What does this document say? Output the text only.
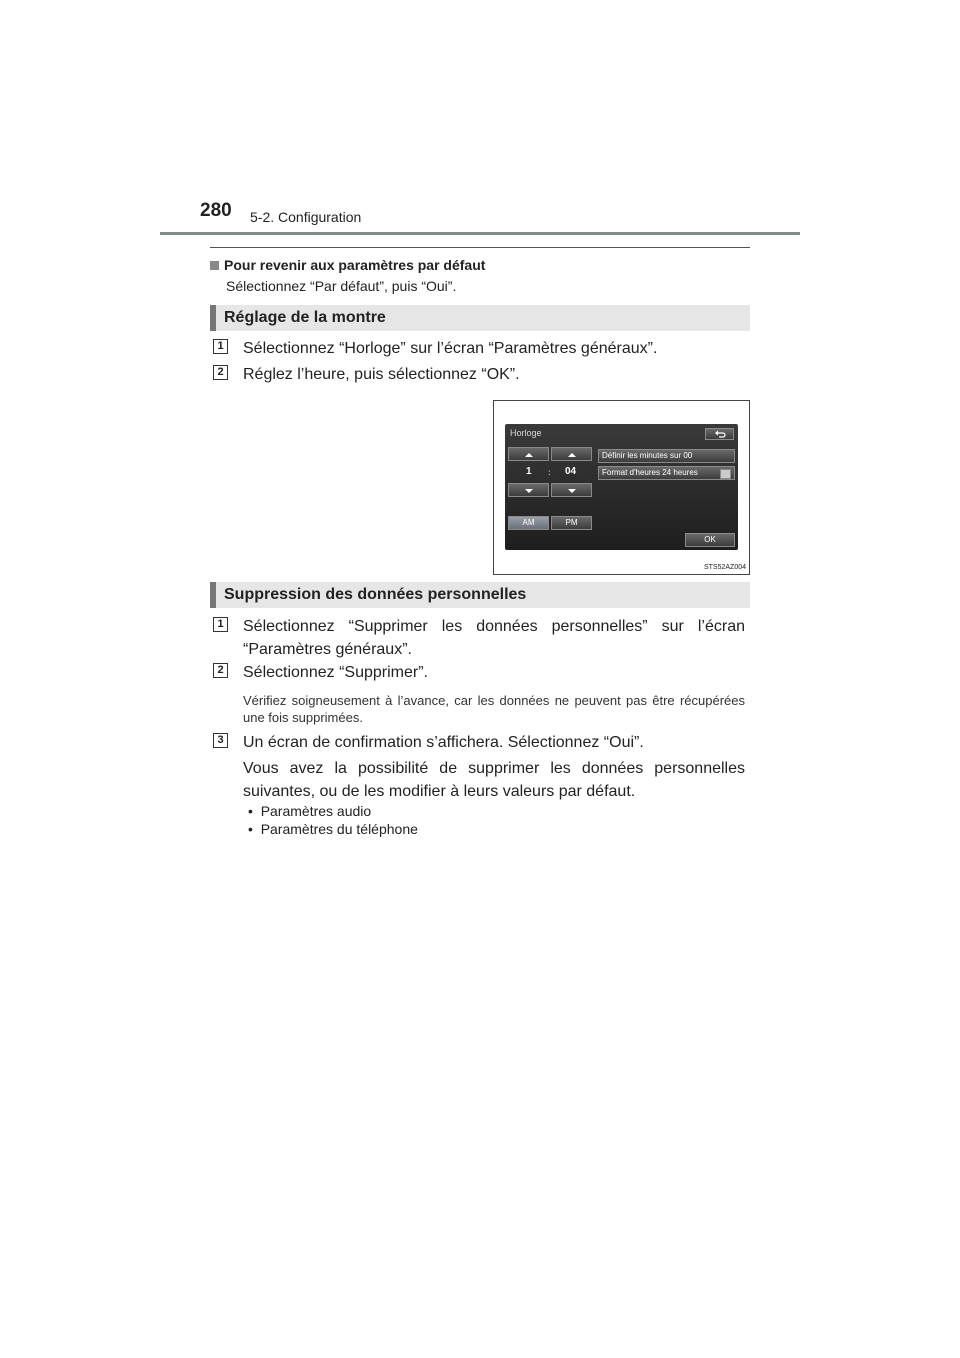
280 5-2. Configuration
Pour revenir aux paramètres par défaut
Sélectionnez “Par défaut”, puis “Oui”.
Réglage de la montre
1 Sélectionnez “Horloge” sur l’écran “Paramètres généraux”.
2 Réglez l’heure, puis sélectionnez “OK”.
Horloge
1 : 04
Définir les minutes sur 00
Format d'heures 24 heures
AM	PM
OK
STS52AZ004
Suppression des données personnelles
1 Sélectionnez “Supprimer les données personnelles” sur l’écran “Paramètres généraux”.
2 Sélectionnez “Supprimer”.
Vérifiez soigneusement à l’avance, car les données ne peuvent pas être récupérées une fois supprimées.
3 Un écran de confirmation s’affichera. Sélectionnez “Oui”.
Vous avez la possibilité de supprimer les données personnelles suivantes, ou de les modifier à leurs valeurs par défaut.
•  Paramètres audio
•  Paramètres du téléphone
